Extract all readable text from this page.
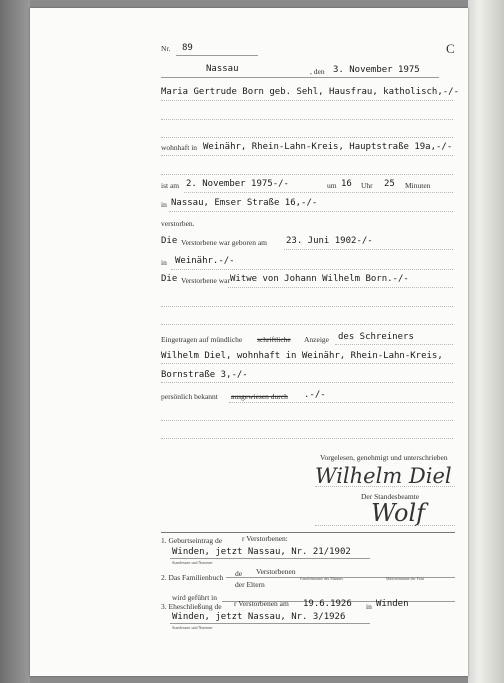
Nr. 89	C
Nassau	, den 3. November 1975
Maria Gertrude Born geb. Sehl, Hausfrau, katholisch,-/-
wohnhaft in Weinähr, Rhein-Lahn-Kreis, Hauptstraße 19a,-/-
ist am 2. November 1975-/-	um 16 Uhr 25 Minuten
in Nassau, Emser Straße 16,-/-
verstorben.
Die Verstorbene war geboren am 23. Juni 1902-/-
in Weinähr.-/-
Die Verstorbene war Witwe von Johann Wilhelm Born.-/-
Eingetragen auf mündliche schriftliche Anzeige des Schreiners
Wilhelm Diel, wohnhaft in Weinähr, Rhein-Lahn-Kreis,
Bornstraße 3,-/-
persönlich bekannt ausgewiesen durch .-/-
Vorgelesen, genehmigt und unterschrieben
Wilhelm Diel
Der Standesbeamte
Wolf
1. Geburtseintrag de	r Verstorbenen:
Winden, jetzt Nassau, Nr. 21/1902
Standesamt und Nummer
2. Das Familienbuch de Verstorbenen
Familienname des Mannes	Mädchenname der Frau
der Eltern
wird geführt in
3. Eheschließung de r Verstorbenen am 19.6.1926 in Winden
Winden, jetzt Nassau, Nr. 3/1926
Standesamt und Nummer
